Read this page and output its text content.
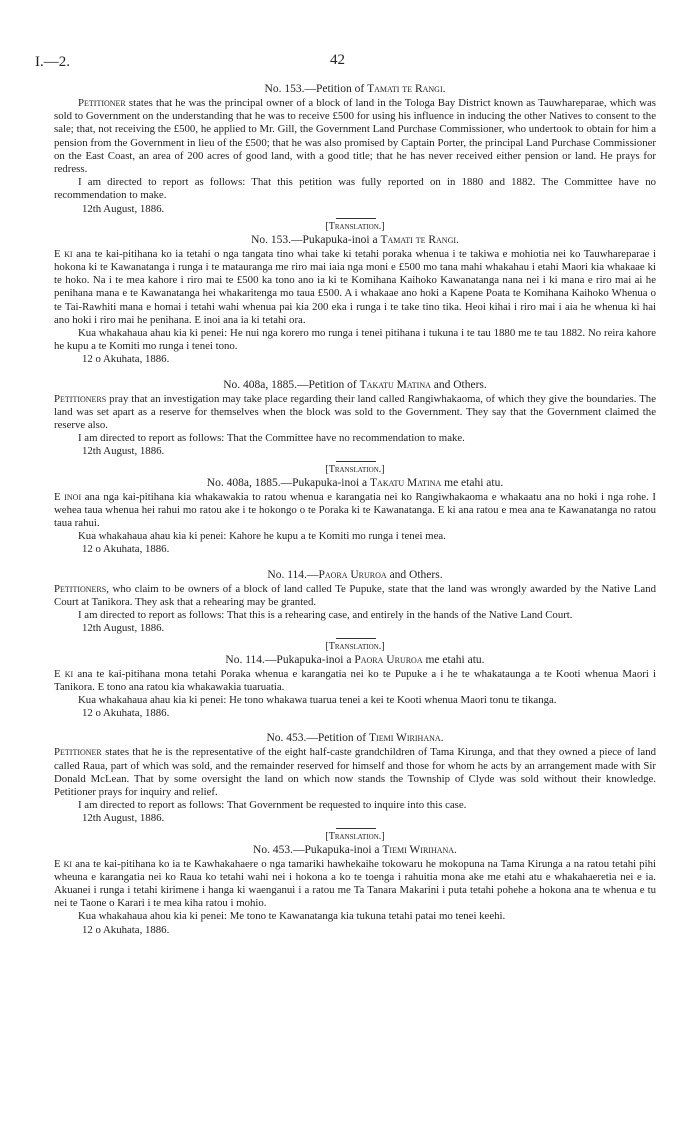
I.—2.	42

No. 153.—Petition of Tamati te Rangi.

Petitioner states that he was the principal owner of a block of land in the Tologa Bay District known as Tauwhareparae, which was sold to Government on the understanding that he was to receive £500 for using his influence in inducing the other Natives to consent to the sale; that, not receiving the £500, he applied to Mr. Gill, the Government Land Purchase Commissioner, who undertook to obtain for him a pension from the Government in lieu of the £500; that he was also promised by Captain Porter, the principal Land Purchase Commissioner on the East Coast, an area of 200 acres of good land, with a good title; that he has never received either pension or land. He prays for redress.

I am directed to report as follows: That this petition was fully reported on in 1880 and 1882. The Committee have no recommendation to make.

12th August, 1886.

[Translation.]

No. 153.—Pukapuka-inoi a Tamati te Rangi.

E ki ana te kai-pitihana ko ia tetahi o nga tangata tino whai take ki tetahi poraka whenua i te takiwa e mohiotia nei ko Tauwhareparae i hokona ki te Kawanatanga i runga i te matauranga me riro mai iaia nga moni e £500 mo tana mahi whakahau i etahi Maori kia whakaae ki te hoko. Na i te mea kahore i riro mai te £500 ka tono ano ia ki te Komihana Kaihoko Kawanatanga nana nei i ki mana e riro mai ai he penihana mana e te Kawanatanga hei whakaritenga mo taua £500. A i whakaae ano hoki a Kapene Poata te Komihana Kaihoko Whenua o te Tai-Rawhiti mana e homai i tetahi wahi whenua pai kia 200 eka i runga i te take tino tika. Heoi kihai i riro mai i aia he whenua ki hai ano hoki i riro mai he penihana. E inoi ana ia ki tetahi ora.

Kua whakahaua ahau kia ki penei: He nui nga korero mo runga i tenei pitihana i tukuna i te tau 1880 me te tau 1882. No reira kahore he kupu a te Komiti mo runga i tenei tono.

12 o Akuhata, 1886.

No. 408a, 1885.—Petition of Takatu Matina and Others.

Petitioners pray that an investigation may take place regarding their land called Rangiwhakaoma, of which they give the boundaries. The land was set apart as a reserve for themselves when the block was sold to the Government. They say that the Government claimed the reserve also.

I am directed to report as follows: That the Committee have no recommendation to make.

12th August, 1886.

[Translation.]

No. 408a, 1885.—Pukapuka-inoi a Takatu Matina me etahi atu.

E inoi ana nga kai-pitihana kia whakawakia to ratou whenua e karangatia nei ko Rangiwhakaoma e whakaatu ana no hoki i nga rohe. I wehea taua whenua hei rahui mo ratou ake i te hokongo o te Poraka ki te Kawanatanga. E ki ana ratou e mea ana te Kawanatanga no ratou taua rahui.

Kua whakahaua ahau kia ki penei: Kahore he kupu a te Komiti mo runga i tenei mea.

12 o Akuhata, 1886.

No. 114.—Paora Ururoa and Others.

Petitioners, who claim to be owners of a block of land called Te Pupuke, state that the land was wrongly awarded by the Native Land Court at Tanikora. They ask that a rehearing may be granted.

I am directed to report as follows: That this is a rehearing case, and entirely in the hands of the Native Land Court.

12th August, 1886.

[Translation.]

No. 114.—Pukapuka-inoi a Paora Ururoa me etahi atu.

E ki ana te kai-pitihana mona tetahi Poraka whenua e karangatia nei ko te Pupuke a i he te whakataunga a te Kooti whenua Maori i Tanikora. E tono ana ratou kia whakawakia tuaruatia.

Kua whakahaua ahau kia ki penei: He tono whakawa tuarua tenei a kei te Kooti whenua Maori tonu te tikanga.

12 o Akuhata, 1886.

No. 453.—Petition of Tiemi Wirihana.

Petitioner states that he is the representative of the eight half-caste grandchildren of Tama Kirunga, and that they owned a piece of land called Raua, part of which was sold, and the remainder reserved for himself and those for whom he acts by an arrangement made with Sir Donald McLean. That by some oversight the land on which now stands the Township of Clyde was sold without their knowledge. Petitioner prays for inquiry and relief.

I am directed to report as follows: That Government be requested to inquire into this case.

12th August, 1886.

[Translation.]

No. 453.—Pukapuka-inoi a Tiemi Wirihana.

E ki ana te kai-pitihana ko ia te Kawhakahaere o nga tamariki hawhekaihe tokowaru he mokopuna na Tama Kirunga a na ratou tetahi pihi wheuna e karangatia nei ko Raua ko tetahi wahi nei i hokona a ko te toenga i rahuitia mona ake me etahi atu e whakahaeretia nei e ia. Akuanei i runga i tetahi kirimene i hanga ki waenganui i a ratou me Ta Tanara Makarini i puta tetahi pohehe a hokona ana te whenua e tu nei te Taone o Karari i te mea kiha ratou i mohio.

Kua whakahaua ahou kia ki penei: Me tono te Kawanatanga kia tukuna tetahi patai mo tenei keehi.

12 o Akuhata, 1886.
